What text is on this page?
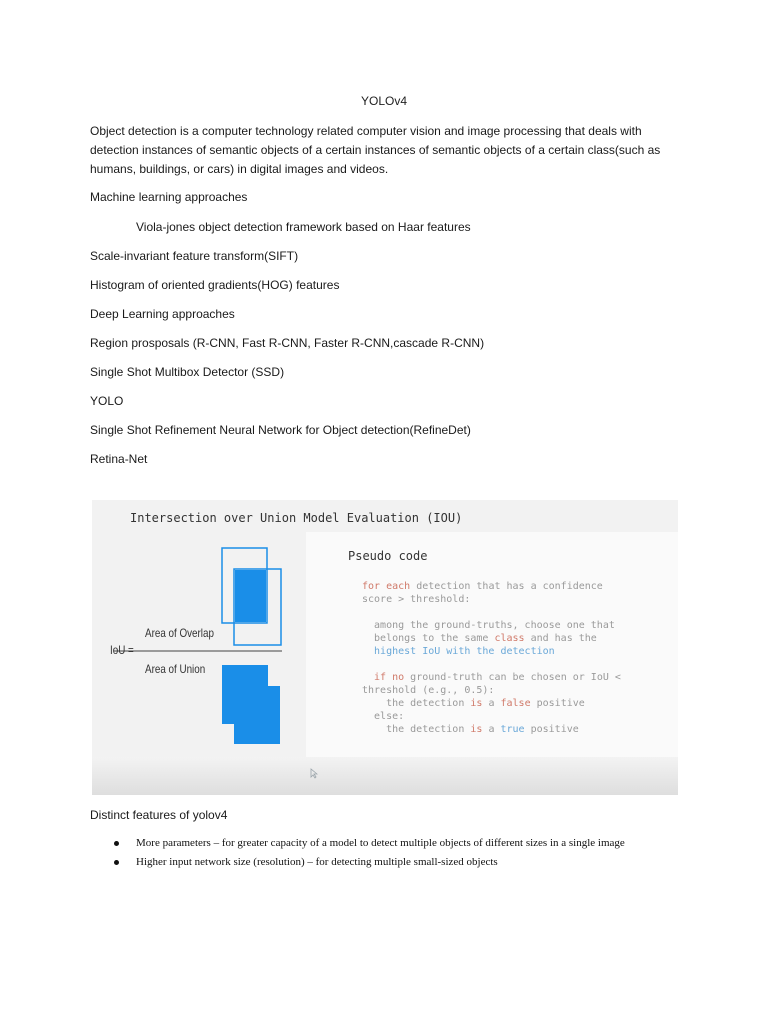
YOLOv4
Object detection is a computer technology related computer vision and image processing that deals with detection instances of semantic objects of a certain instances of semantic objects of a certain class(such as humans, buildings, or cars) in digital images and videos.
Machine learning approaches
Viola-jones object detection framework based on Haar features
Scale-invariant feature transform(SIFT)
Histogram of oriented gradients(HOG) features
Deep Learning approaches
Region prosposals (R-CNN, Fast R-CNN, Faster R-CNN,cascade R-CNN)
Single Shot Multibox Detector (SSD)
YOLO
Single Shot Refinement Neural Network for Object detection(RefineDet)
Retina-Net
Intersection over Union Model Evaluation (IOU)
Area of Overlap
IoU =
Area of Union
Pseudo code
for each detection that has a confidence
score > threshold:
among the ground-truths, choose one that
belongs to the same class and has the
highest IoU with the detection
if no ground-truth can be chosen or IoU <
threshold (e.g., 0.5):
the detection is a false positive
else:
the detection is a true positive
Distinct features of yolov4
More parameters – for greater capacity of a model to detect multiple objects of different sizes in a single image
Higher input network size (resolution) – for detecting multiple small-sized objects
